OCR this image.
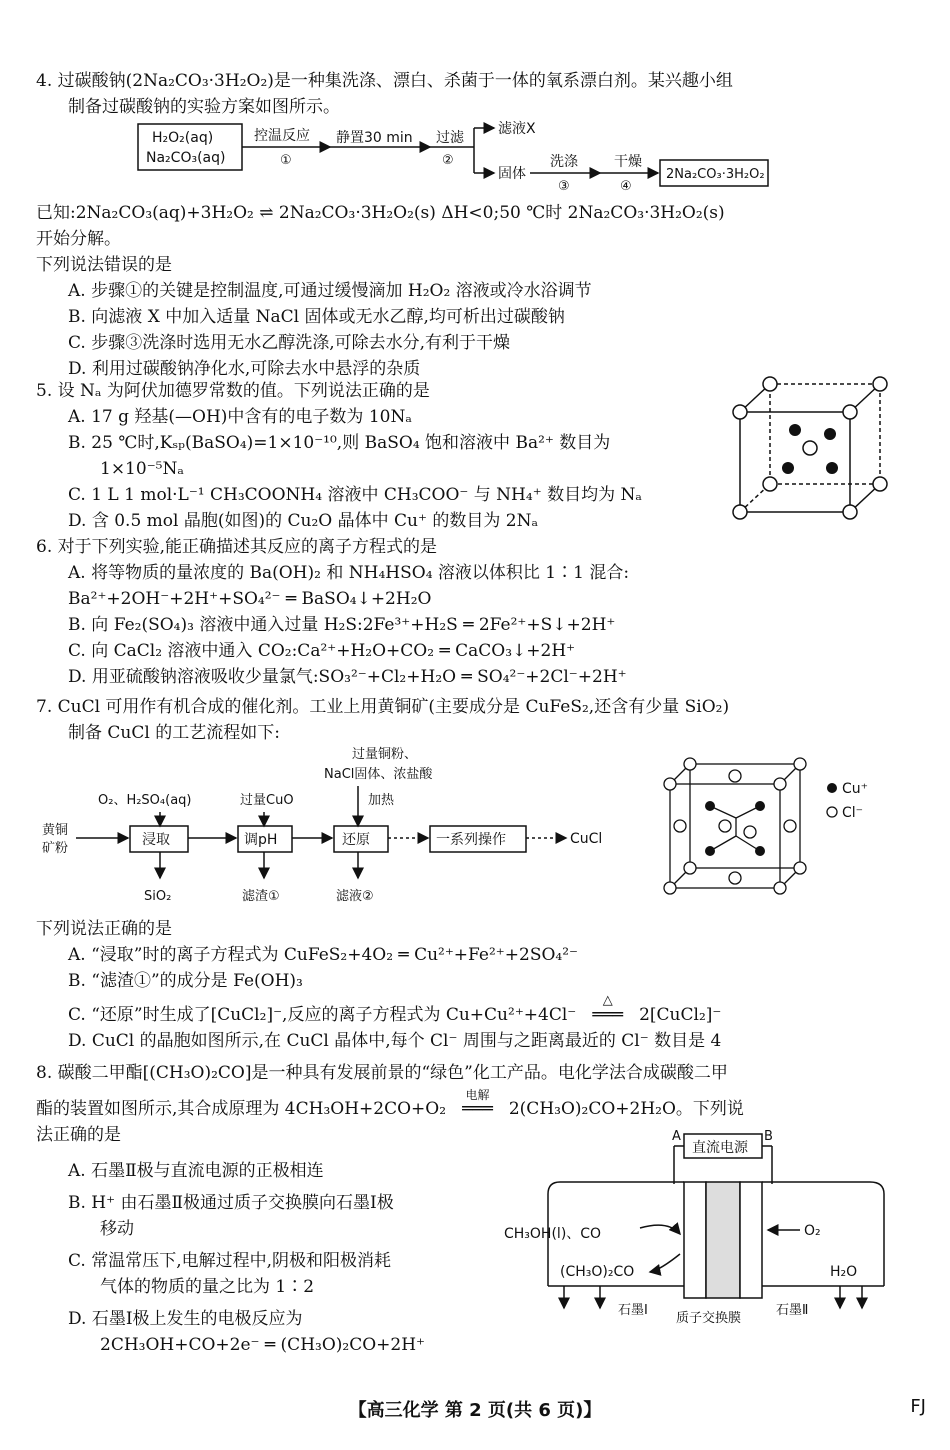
4. 过碳酸钠(2Na₂CO₃·3H₂O₂)是一种集洗涤、漂白、杀菌于一体的氧系漂白剂。某兴趣小组
制备过碳酸钠的实验方案如图所示。
H₂O₂(aq)
Na₂CO₃(aq)
控温反应
①
静置30 min 过滤
②
滤液X
固体
洗涤
③
干燥
④
2Na₂CO₃·3H₂O₂
已知:2Na₂CO₃(aq)+3H₂O₂ ⇌ 2Na₂CO₃·3H₂O₂(s) ΔH<0;50 ℃时 2Na₂CO₃·3H₂O₂(s)
开始分解。
下列说法错误的是
A. 步骤①的关键是控制温度,可通过缓慢滴加 H₂O₂ 溶液或冷水浴调节
B. 向滤液 X 中加入适量 NaCl 固体或无水乙醇,均可析出过碳酸钠
C. 步骤③洗涤时选用无水乙醇洗涤,可除去水分,有利于干燥
D. 利用过碳酸钠净化水,可除去水中悬浮的杂质
5. 设 Nₐ 为阿伏加德罗常数的值。下列说法正确的是
A. 17 g 羟基(—OH)中含有的电子数为 10Nₐ
B. 25 ℃时,Kₛₚ(BaSO₄)=1×10⁻¹⁰,则 BaSO₄ 饱和溶液中 Ba²⁺ 数目为
1×10⁻⁵Nₐ
C. 1 L 1 mol·L⁻¹ CH₃COONH₄ 溶液中 CH₃COO⁻ 与 NH₄⁺ 数目均为 Nₐ
D. 含 0.5 mol 晶胞(如图)的 Cu₂O 晶体中 Cu⁺ 的数目为 2Nₐ
6. 对于下列实验,能正确描述其反应的离子方程式的是
A. 将等物质的量浓度的 Ba(OH)₂ 和 NH₄HSO₄ 溶液以体积比 1∶1 混合:
Ba²⁺+2OH⁻+2H⁺+SO₄²⁻ ═ BaSO₄↓+2H₂O
B. 向 Fe₂(SO₄)₃ 溶液中通入过量 H₂S:2Fe³⁺+H₂S ═ 2Fe²⁺+S↓+2H⁺
C. 向 CaCl₂ 溶液中通入 CO₂:Ca²⁺+H₂O+CO₂ ═ CaCO₃↓+2H⁺
D. 用亚硫酸钠溶液吸收少量氯气:SO₃²⁻+Cl₂+H₂O ═ SO₄²⁻+2Cl⁻+2H⁺
7. CuCl 可用作有机合成的催化剂。工业上用黄铜矿(主要成分是 CuFeS₂,还含有少量 SiO₂)
制备 CuCl 的工艺流程如下:
O₂、H₂SO₄(aq)	过量CuO
过量铜粉、
NaCl固体、浓盐酸
加热
黄铜
矿粉
浸取	调pH	还原	一系列操作	CuCl
SiO₂	滤渣①	滤液②
Cu⁺
Cl⁻
下列说法正确的是
A. “浸取”时的离子方程式为 CuFeS₂+4O₂ ═ Cu²⁺+Fe²⁺+2SO₄²⁻
B. “滤渣①”的成分是 Fe(OH)₃
C. “还原”时生成了[CuCl₂]⁻,反应的离子方程式为 Cu+Cu²⁺+4Cl⁻
△
═══ 2[CuCl₂]⁻
D. CuCl 的晶胞如图所示,在 CuCl 晶体中,每个 Cl⁻ 周围与之距离最近的 Cl⁻ 数目是 4
8. 碳酸二甲酯[(CH₃O)₂CO]是一种具有发展前景的“绿色”化工产品。电化学法合成碳酸二甲
酯的装置如图所示,其合成原理为 4CH₃OH+2CO+O₂
电解
═══ 2(CH₃O)₂CO+2H₂O。下列说
法正确的是
A. 石墨Ⅱ极与直流电源的正极相连
B. H⁺ 由石墨Ⅱ极通过质子交换膜向石墨Ⅰ极
移动
C. 常温常压下,电解过程中,阴极和阳极消耗
气体的物质的量之比为 1∶2
D. 石墨Ⅰ极上发生的电极反应为
2CH₃OH+CO+2e⁻ ═ (CH₃O)₂CO+2H⁺
A	B
直流电源
CH₃OH(l)、CO
(CH₃O)₂CO
O₂
H₂O
石墨Ⅰ
质子交换膜
石墨Ⅱ
【高三化学 第 2 页(共 6 页)】	FJ
